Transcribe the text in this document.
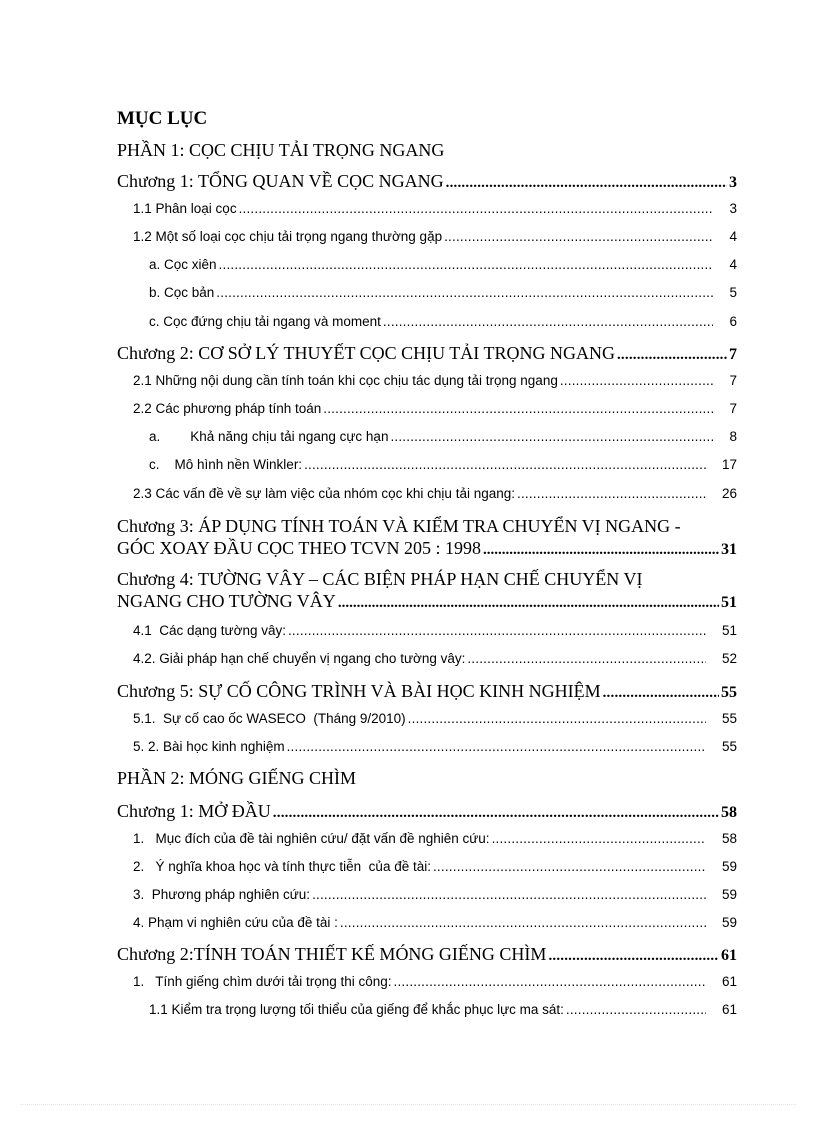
MỤC LỤC
PHẦN 1: CỌC CHỊU TẢI TRỌNG NGANG
Chương 1: TỔNG QUAN VỀ CỌC NGANG .....	3
1.1 Phân loại cọc .....	3
1.2 Một số loại cọc chịu tải trọng ngang thường gặp .....	4
a. Cọc xiên .....	4
b. Cọc bản .....	5
c. Cọc đứng chịu tải ngang và moment .....	6
Chương 2: CƠ SỞ LÝ THUYẾT CỌC CHỊU TẢI TRỌNG NGANG .....	7
2.1 Những nội dung cần tính toán khi cọc chịu tác dụng tải trọng ngang .....	7
2.2 Các phương pháp tính toán .....	7
a.        Khả năng chịu tải ngang cực hạn .....	8
c.    Mô hình nền Winkler: .....	17
2.3 Các vấn đề về sự làm việc của nhóm cọc khi chịu tải ngang: .....	26
Chương 3: ÁP DỤNG TÍNH TOÁN VÀ KIỂM TRA CHUYỂN VỊ NGANG -
GÓC XOAY ĐẦU CỌC THEO TCVN 205 : 1998 .....	31
Chương 4: TƯỜNG VÂY – CÁC BIỆN PHÁP HẠN CHẾ CHUYỂN VỊ
NGANG CHO TƯỜNG VÂY .....	51
4.1  Các dạng tường vây: .....	51
4.2. Giải pháp hạn chế chuyển vị ngang cho tường vây: .....	52
Chương 5: SỰ CỐ CÔNG TRÌNH VÀ BÀI HỌC KINH NGHIỆM .....	55
5.1.  Sự cố cao ốc WASECO  (Tháng 9/2010) .....	55
5. 2. Bài học kinh nghiệm .....	55
PHẦN 2: MÓNG GIẾNG CHÌM
Chương 1: MỞ ĐẦU .....	58
1.   Mục đích của đề tài nghiên cứu/ đặt vấn đề nghiên cứu: .....	58
2.   Ý nghĩa khoa học và tính thực tiễn  của đề tài: .....	59
3.  Phương pháp nghiên cứu: .....	59
4. Phạm vi nghiên cứu của đề tài : .....	59
Chương 2:TÍNH TOÁN THIẾT KẾ MÓNG GIẾNG CHÌM .....	61
1.   Tính giếng chìm dưới tải trọng thi công: .....	61
1.1 Kiểm tra trọng lượng tối thiểu của giếng để khắc phục lực ma sát: .....	61
